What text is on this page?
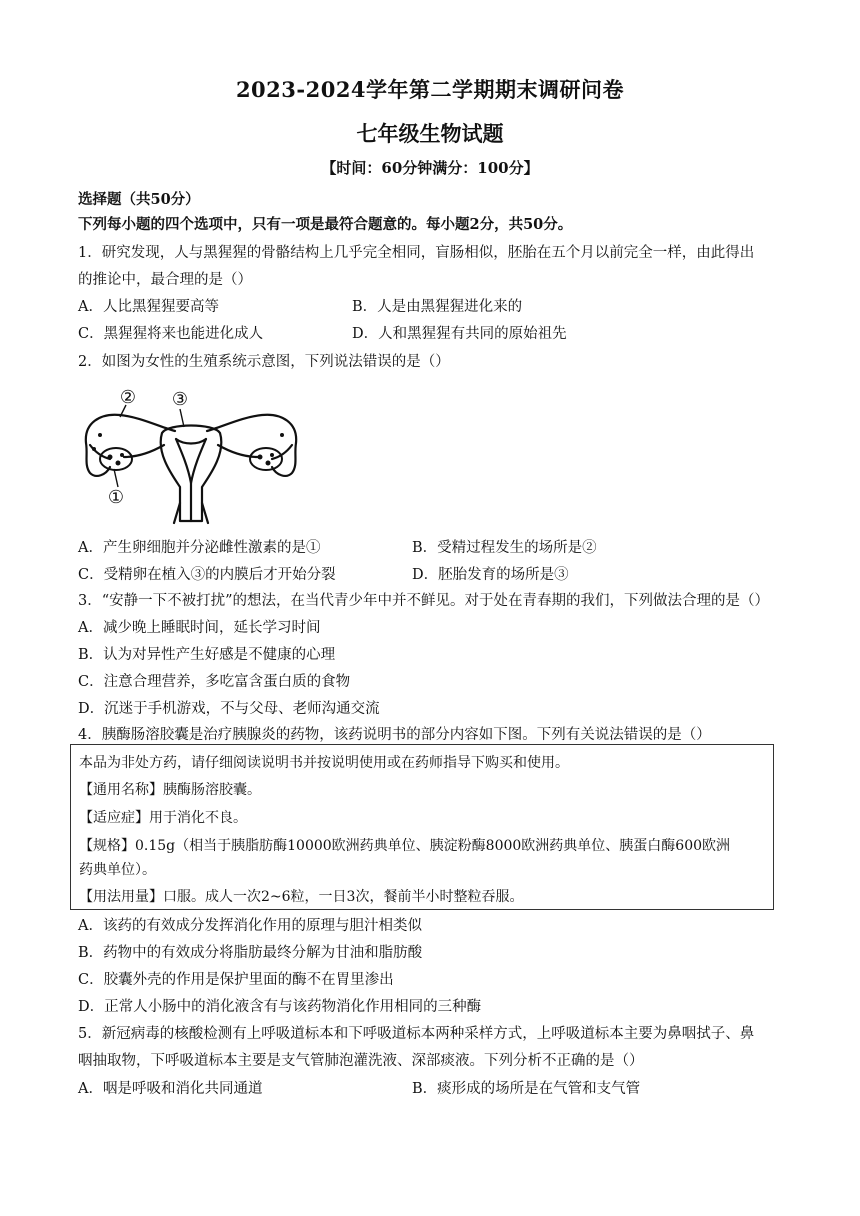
2023-2024学年第二学期期末调研问卷
七年级生物试题
【时间：60分钟满分：100分】
选择题（共50分）
下列每小题的四个选项中，只有一项是最符合题意的。每小题2分，共50分。
1．研究发现，人与黑猩猩的骨骼结构上几乎完全相同，盲肠相似，胚胎在五个月以前完全一样，由此得出
的推论中，最合理的是（）
A．人比黑猩猩要高等	B．人是由黑猩猩进化来的
C．黑猩猩将来也能进化成人	D．人和黑猩猩有共同的原始祖先
2．如图为女性的生殖系统示意图，下列说法错误的是（）
② ③
①
A．产生卵细胞并分泌雌性激素的是①	B．受精过程发生的场所是②
C．受精卵在植入③的内膜后才开始分裂	D．胚胎发育的场所是③
3．“安静一下不被打扰”的想法，在当代青少年中并不鲜见。对于处在青春期的我们，下列做法合理的是（）
A．减少晚上睡眠时间，延长学习时间
B．认为对异性产生好感是不健康的心理
C．注意合理营养，多吃富含蛋白质的食物
D．沉迷于手机游戏，不与父母、老师沟通交流
4．胰酶肠溶胶囊是治疗胰腺炎的药物，该药说明书的部分内容如下图。下列有关说法错误的是（）
本品为非处方药，请仔细阅读说明书并按说明使用或在药师指导下购买和使用。
【通用名称】胰酶肠溶胶囊。
【适应症】用于消化不良。
【规格】0.15g（相当于胰脂肪酶10000欧洲药典单位、胰淀粉酶8000欧洲药典单位、胰蛋白酶600欧洲
药典单位）。
【用法用量】口服。成人一次2~6粒，一日3次，餐前半小时整粒吞服。
A．该药的有效成分发挥消化作用的原理与胆汁相类似
B．药物中的有效成分将脂肪最终分解为甘油和脂肪酸
C．胶囊外壳的作用是保护里面的酶不在胃里渗出
D．正常人小肠中的消化液含有与该药物消化作用相同的三种酶
5．新冠病毒的核酸检测有上呼吸道标本和下呼吸道标本两种采样方式，上呼吸道标本主要为鼻咽拭子、鼻
咽抽取物，下呼吸道标本主要是支气管肺泡灌洗液、深部痰液。下列分析不正确的是（）
A．咽是呼吸和消化共同通道	B．痰形成的场所是在气管和支气管
